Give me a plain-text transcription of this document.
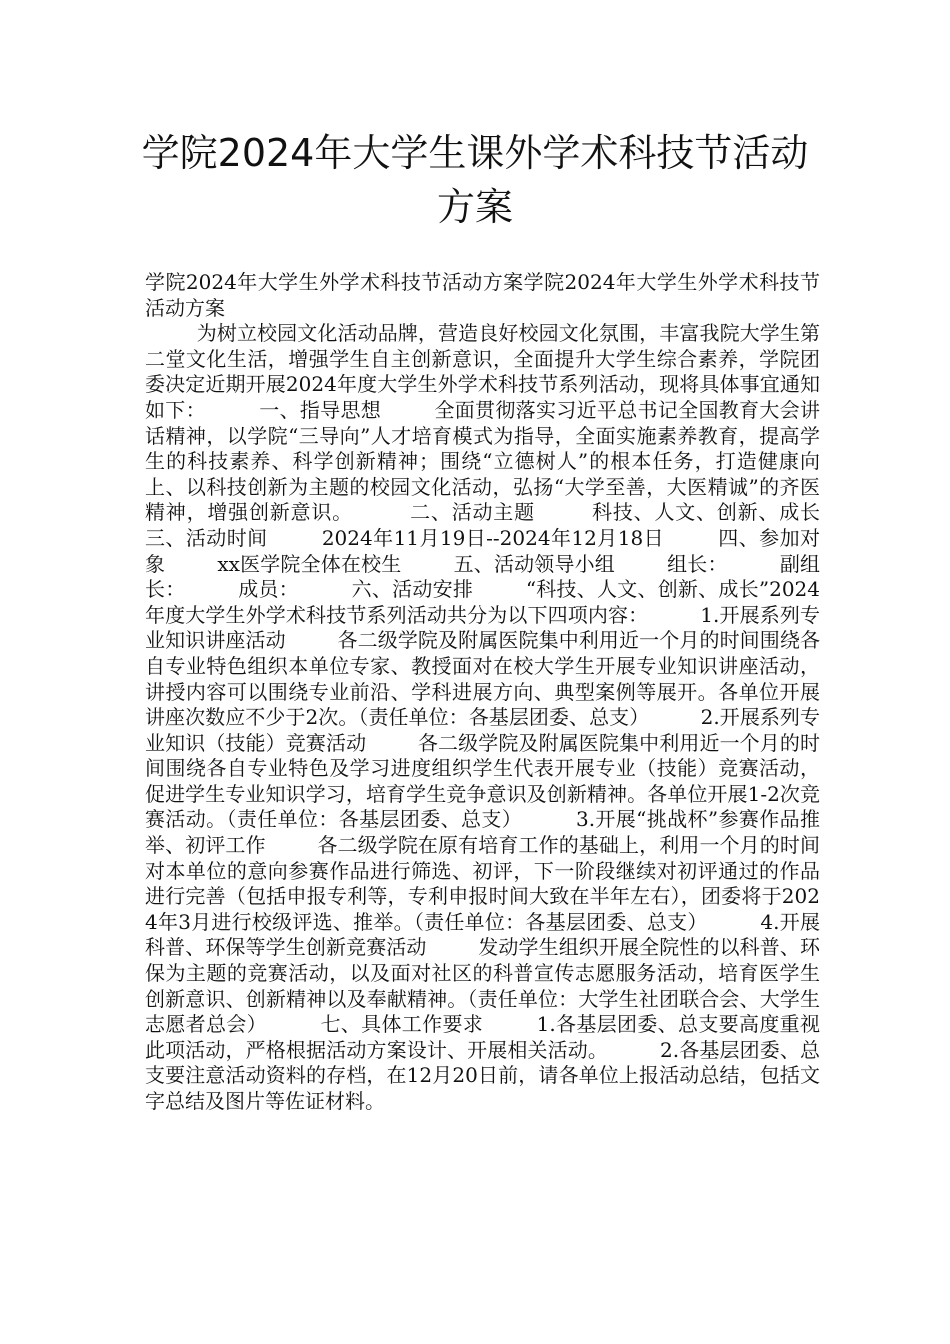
学院2024年大学生课外学术科技节活动方案

学院2024年大学生外学术科技节活动方案学院2024年大学生外学术科技节活动方案
为树立校园文化活动品牌，营造良好校园文化氛围，丰富我院大学生第二堂文化生活，增强学生自主创新意识，全面提升大学生综合素养，学院团委决定近期开展2024年度大学生外学术科技节系列活动，现将具体事宜通知如下：        一、指导思想        全面贯彻落实习近平总书记全国教育大会讲话精神，以学院“三导向”人才培育模式为指导，全面实施素养教育，提高学生的科技素养、科学创新精神；围绕“立德树人”的根本任务，打造健康向上、以科技创新为主题的校园文化活动，弘扬“大学至善，大医精诚”的齐医精神，增强创新意识。        二、活动主题        科技、人文、创新、成长        三、活动时间        2024年11月19日--2024年12月18日        四、参加对象        xx医学院全体在校生        五、活动领导小组        组长：        副组长：        成员：        六、活动安排        “科技、人文、创新、成长”2024年度大学生外学术科技节系列活动共分为以下四项内容：        1.开展系列专业知识讲座活动        各二级学院及附属医院集中利用近一个月的时间围绕各自专业特色组织本单位专家、教授面对在校大学生开展专业知识讲座活动，讲授内容可以围绕专业前沿、学科进展方向、典型案例等展开。各单位开展讲座次数应不少于2次。（责任单位：各基层团委、总支）        2.开展系列专业知识（技能）竞赛活动        各二级学院及附属医院集中利用近一个月的时间围绕各自专业特色及学习进度组织学生代表开展专业（技能）竞赛活动，促进学生专业知识学习，培育学生竞争意识及创新精神。各单位开展1-2次竞赛活动。（责任单位：各基层团委、总支）        3.开展“挑战杯”参赛作品推举、初评工作        各二级学院在原有培育工作的基础上，利用一个月的时间对本单位的意向参赛作品进行筛选、初评，下一阶段继续对初评通过的作品进行完善（包括申报专利等，专利申报时间大致在半年左右），团委将于2024年3月进行校级评选、推举。（责任单位：各基层团委、总支）        4.开展科普、环保等学生创新竞赛活动        发动学生组织开展全院性的以科普、环保为主题的竞赛活动，以及面对社区的科普宣传志愿服务活动，培育医学生创新意识、创新精神以及奉献精神。（责任单位：大学生社团联合会、大学生志愿者总会）        七、具体工作要求        1.各基层团委、总支要高度重视此项活动，严格根据活动方案设计、开展相关活动。        2.各基层团委、总支要注意活动资料的存档，在12月20日前，请各单位上报活动总结，包括文字总结及图片等佐证材料。
